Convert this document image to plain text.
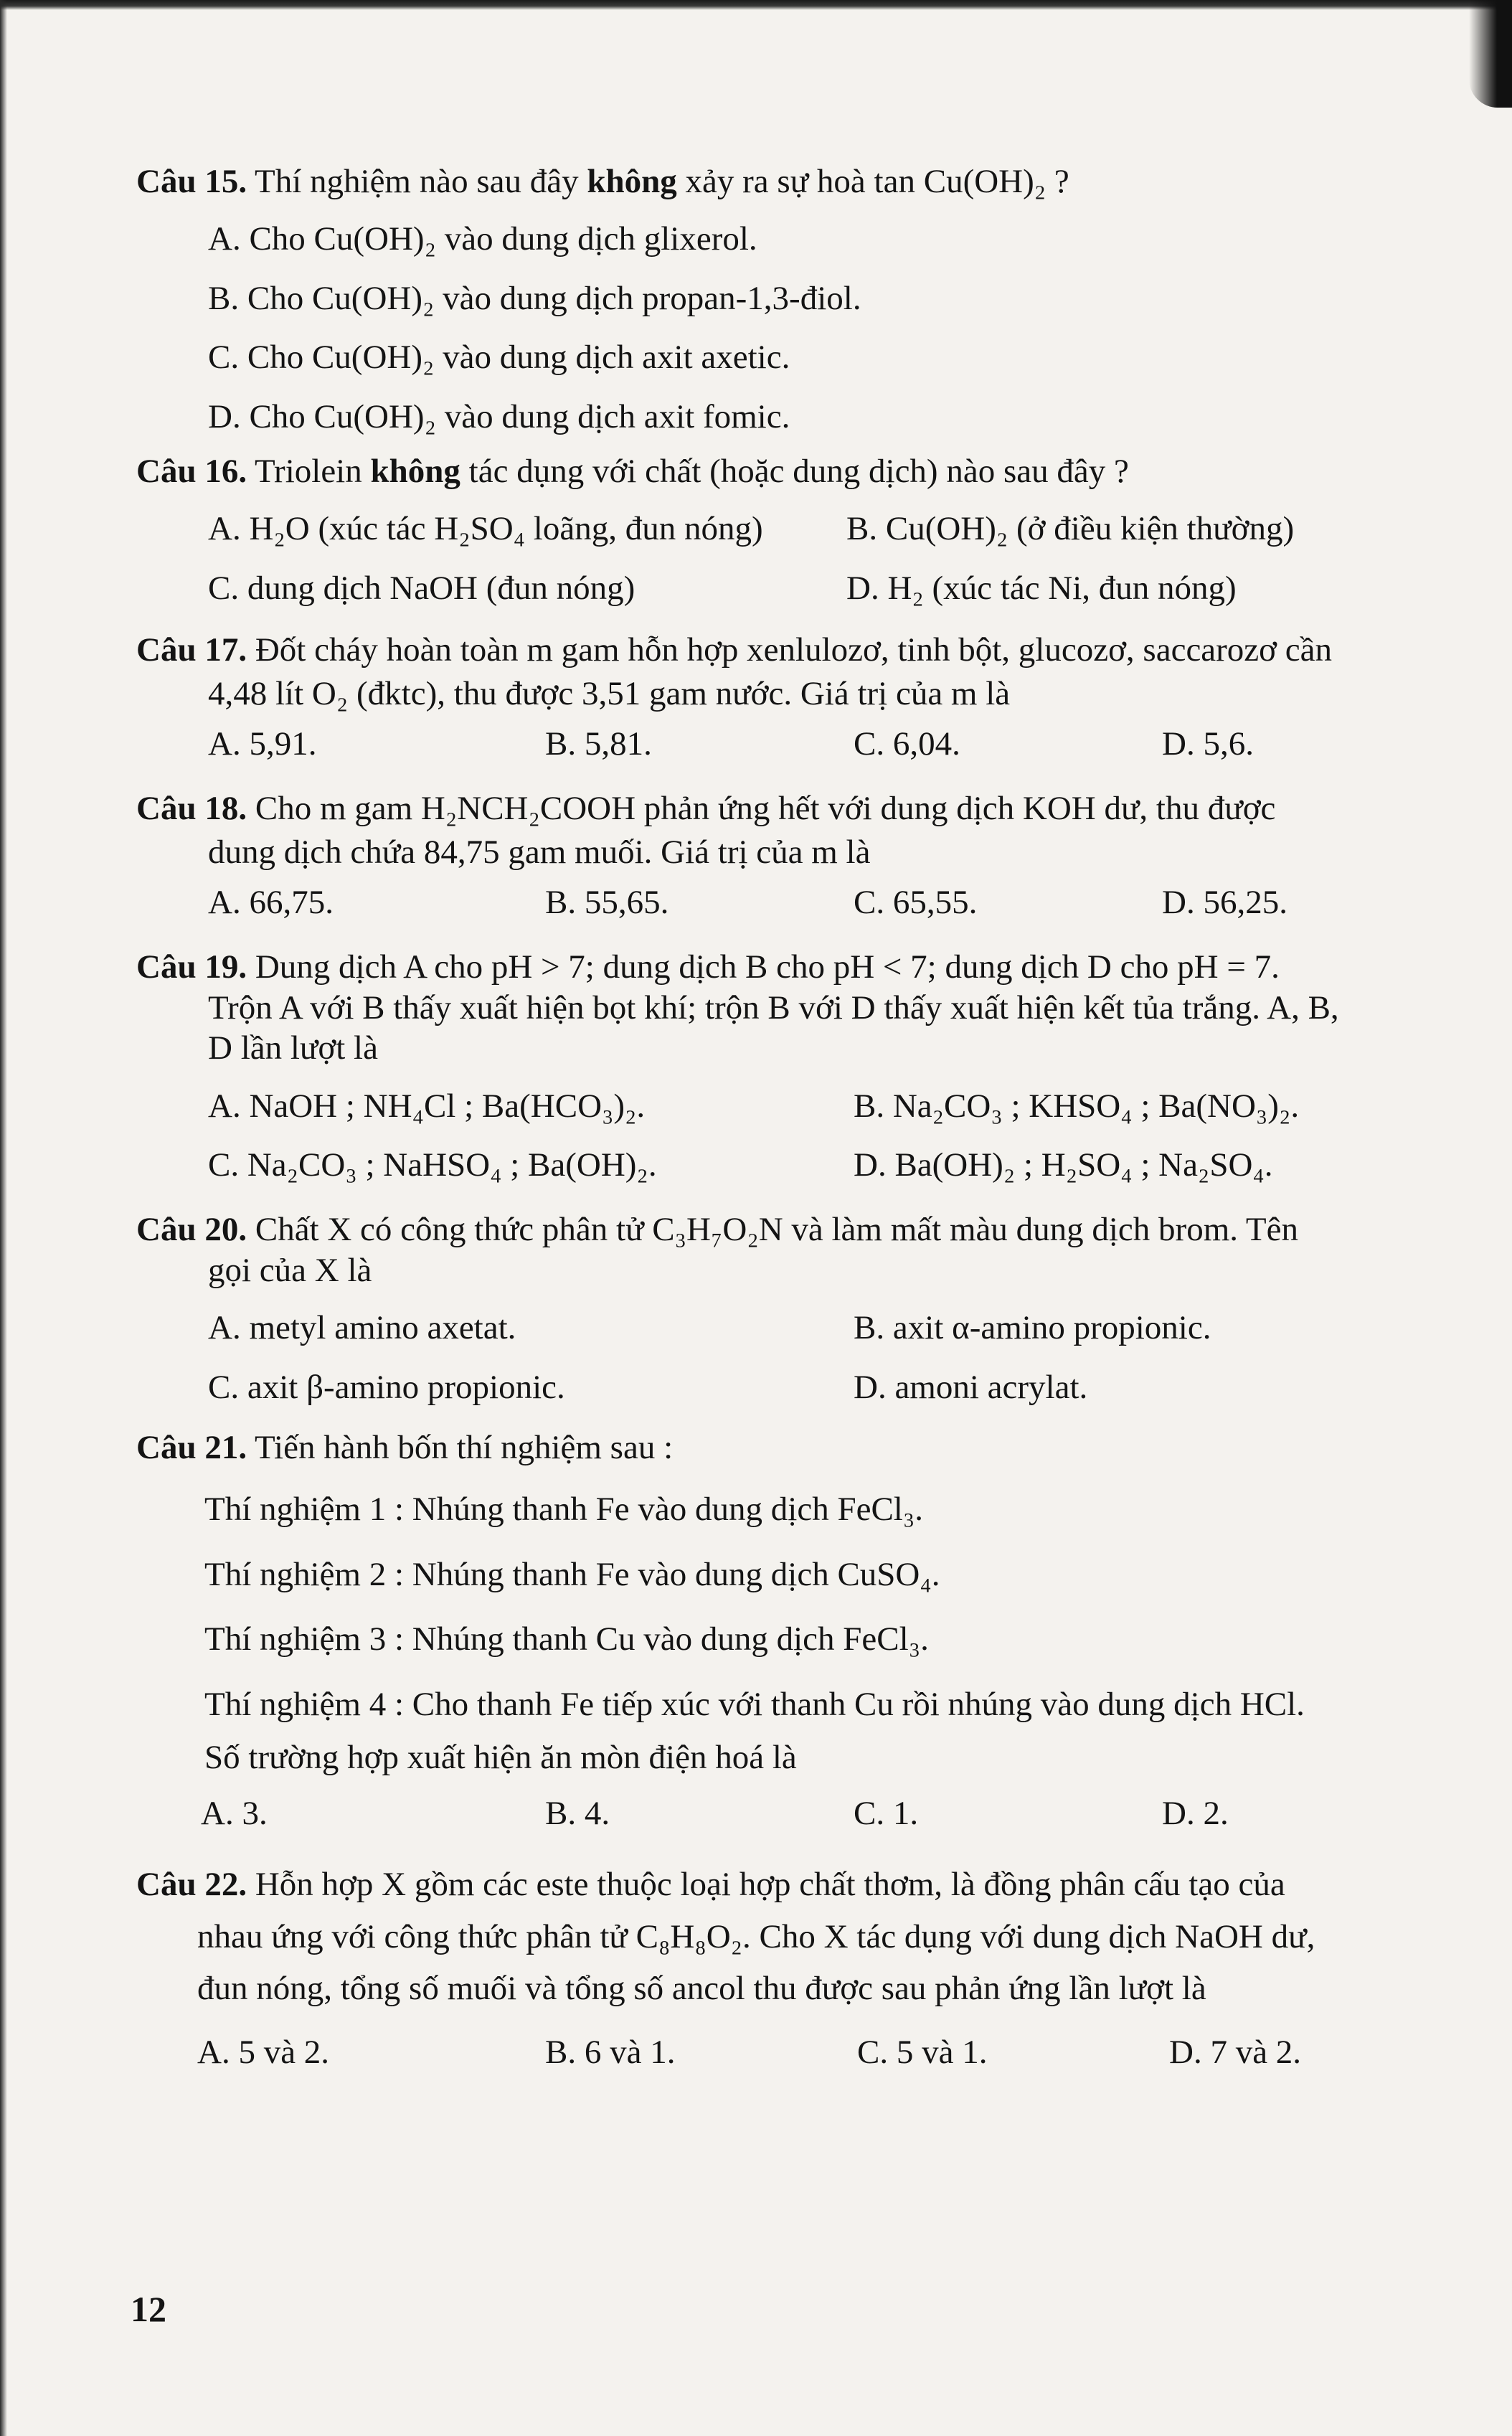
Câu 15. Thí nghiệm nào sau đây không xảy ra sự hoà tan Cu(OH)₂ ?
A. Cho Cu(OH)₂ vào dung dịch glixerol.
B. Cho Cu(OH)₂ vào dung dịch propan-1,3-điol.
C. Cho Cu(OH)₂ vào dung dịch axit axetic.
D. Cho Cu(OH)₂ vào dung dịch axit fomic.
Câu 16. Triolein không tác dụng với chất (hoặc dung dịch) nào sau đây ?
A. H₂O (xúc tác H₂SO₄ loãng, đun nóng)	B. Cu(OH)₂ (ở điều kiện thường)
C. dung dịch NaOH (đun nóng)	D. H₂ (xúc tác Ni, đun nóng)
Câu 17. Đốt cháy hoàn toàn m gam hỗn hợp xenlulozơ, tinh bột, glucozơ, saccarozơ cần
4,48 lít O₂ (đktc), thu được 3,51 gam nước. Giá trị của m là
A. 5,91.	B. 5,81.	C. 6,04.	D. 5,6.
Câu 18. Cho m gam H₂NCH₂COOH phản ứng hết với dung dịch KOH dư, thu được
dung dịch chứa 84,75 gam muối. Giá trị của m là
A. 66,75.	B. 55,65.	C. 65,55.	D. 56,25.
Câu 19. Dung dịch A cho pH > 7; dung dịch B cho pH < 7; dung dịch D cho pH = 7.
Trộn A với B thấy xuất hiện bọt khí; trộn B với D thấy xuất hiện kết tủa trắng. A, B,
D lần lượt là
A. NaOH ; NH₄Cl ; Ba(HCO₃)₂.	B. Na₂CO₃ ; KHSO₄ ; Ba(NO₃)₂.
C. Na₂CO₃ ; NaHSO₄ ; Ba(OH)₂.	D. Ba(OH)₂ ; H₂SO₄ ; Na₂SO₄.
Câu 20. Chất X có công thức phân tử C₃H₇O₂N và làm mất màu dung dịch brom. Tên
gọi của X là
A. metyl amino axetat.	B. axit α-amino propionic.
C. axit β-amino propionic.	D. amoni acrylat.
Câu 21. Tiến hành bốn thí nghiệm sau :
Thí nghiệm 1 : Nhúng thanh Fe vào dung dịch FeCl₃.
Thí nghiệm 2 : Nhúng thanh Fe vào dung dịch CuSO₄.
Thí nghiệm 3 : Nhúng thanh Cu vào dung dịch FeCl₃.
Thí nghiệm 4 : Cho thanh Fe tiếp xúc với thanh Cu rồi nhúng vào dung dịch HCl.
Số trường hợp xuất hiện ăn mòn điện hoá là
A. 3.	B. 4.	C. 1.	D. 2.
Câu 22. Hỗn hợp X gồm các este thuộc loại hợp chất thơm, là đồng phân cấu tạo của
nhau ứng với công thức phân tử C₈H₈O₂. Cho X tác dụng với dung dịch NaOH dư,
đun nóng, tổng số muối và tổng số ancol thu được sau phản ứng lần lượt là
A. 5 và 2.	B. 6 và 1.	C. 5 và 1.	D. 7 và 2.
12
